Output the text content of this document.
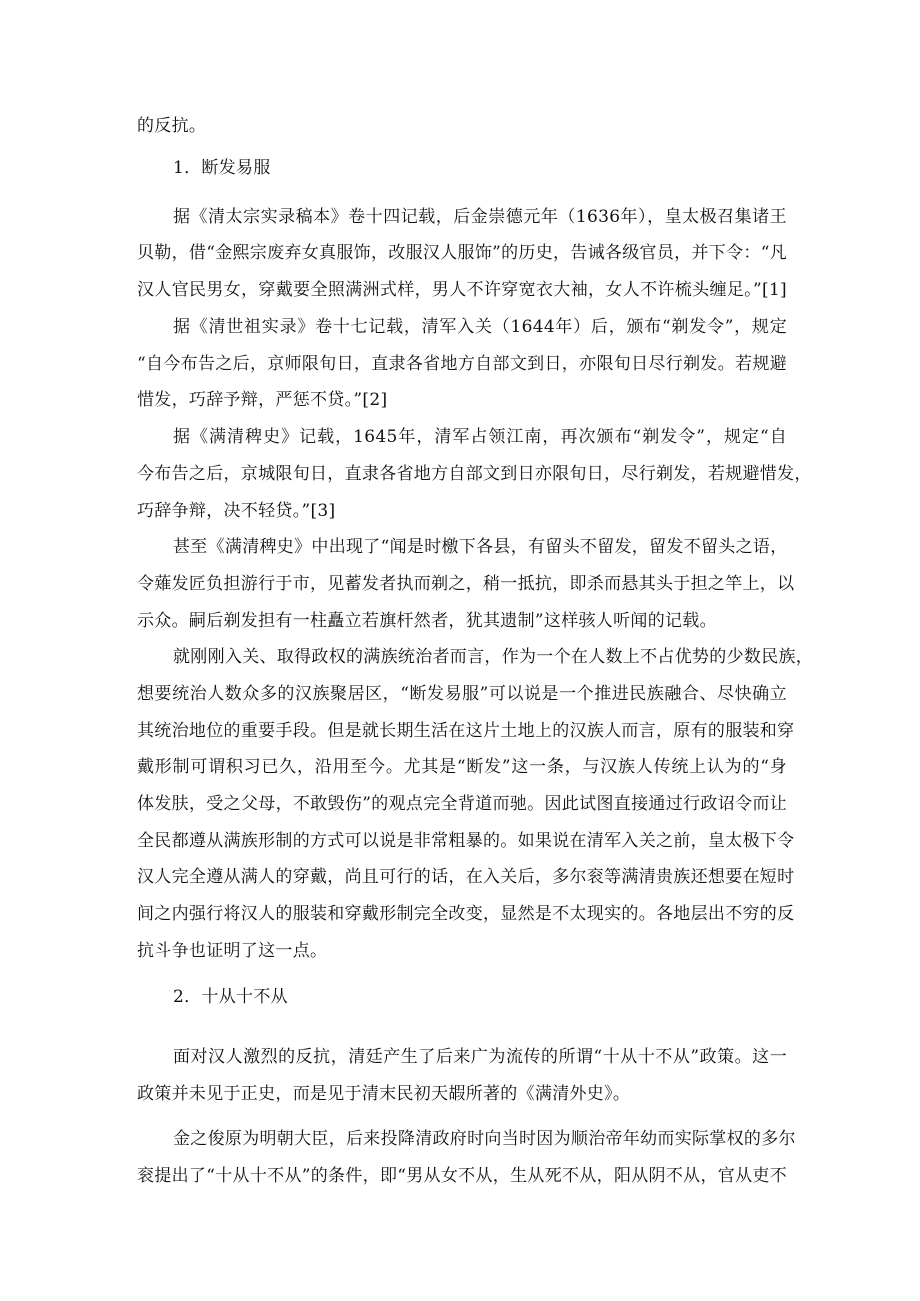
的反抗。
1．断发易服
据《清太宗实录稿本》卷十四记载，后金崇德元年（1636年），皇太极召集诸王
贝勒，借“金熙宗废弃女真服饰，改服汉人服饰”的历史，告诫各级官员，并下令：“凡
汉人官民男女，穿戴要全照满洲式样，男人不许穿宽衣大袖，女人不许梳头缠足。”[1]
据《清世祖实录》卷十七记载，清军入关（1644年）后，颁布“剃发令”，规定
“自今布告之后，京师限旬日，直隶各省地方自部文到日，亦限旬日尽行剃发。若规避
惜发，巧辞予辩，严惩不贷。”[2]
据《满清稗史》记载，1645年，清军占领江南，再次颁布“剃发令”，规定“自
今布告之后，京城限旬日，直隶各省地方自部文到日亦限旬日，尽行剃发，若规避惜发，
巧辞争辩，决不轻贷。”[3]
甚至《满清稗史》中出现了“闻是时檄下各县，有留头不留发，留发不留头之语，
令薙发匠负担游行于市，见蓄发者执而剃之，稍一抵抗，即杀而悬其头于担之竿上，以
示众。嗣后剃发担有一柱矗立若旗杆然者，犹其遗制”这样骇人听闻的记载。
就刚刚入关、取得政权的满族统治者而言，作为一个在人数上不占优势的少数民族，
想要统治人数众多的汉族聚居区，“断发易服”可以说是一个推进民族融合、尽快确立
其统治地位的重要手段。但是就长期生活在这片土地上的汉族人而言，原有的服装和穿
戴形制可谓积习已久，沿用至今。尤其是“断发”这一条，与汉族人传统上认为的“身
体发肤，受之父母，不敢毁伤”的观点完全背道而驰。因此试图直接通过行政诏令而让
全民都遵从满族形制的方式可以说是非常粗暴的。如果说在清军入关之前，皇太极下令
汉人完全遵从满人的穿戴，尚且可行的话，在入关后，多尔衮等满清贵族还想要在短时
间之内强行将汉人的服装和穿戴形制完全改变，显然是不太现实的。各地层出不穷的反
抗斗争也证明了这一点。
2．十从十不从
面对汉人激烈的反抗，清廷产生了后来广为流传的所谓“十从十不从”政策。这一
政策并未见于正史，而是见于清末民初天嘏所著的《满清外史》。
金之俊原为明朝大臣，后来投降清政府时向当时因为顺治帝年幼而实际掌权的多尔
衮提出了“十从十不从”的条件，即“男从女不从，生从死不从，阳从阴不从，官从吏不
